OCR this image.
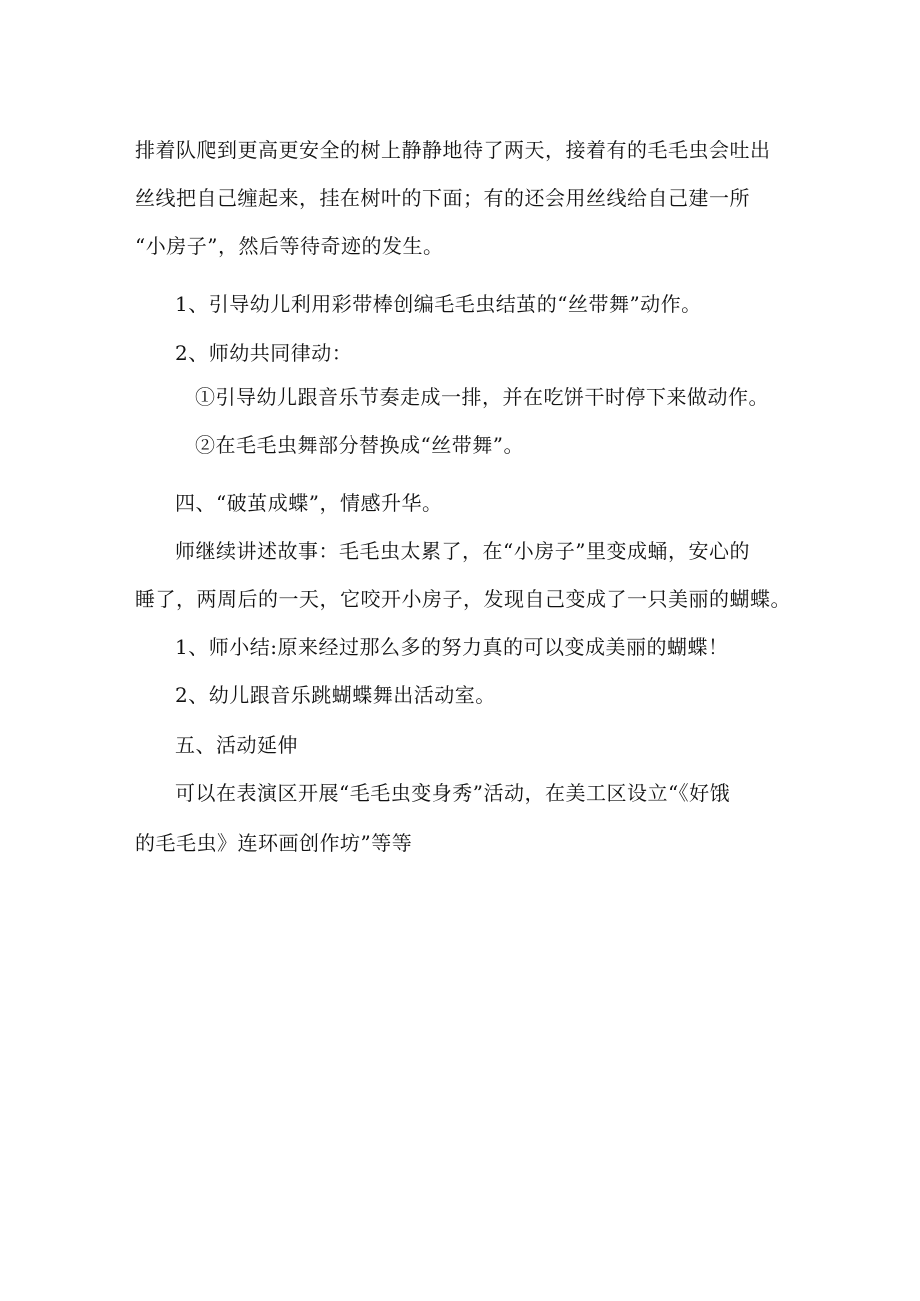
排着队爬到更高更安全的树上静静地待了两天，接着有的毛毛虫会吐出
丝线把自己缠起来，挂在树叶的下面；有的还会用丝线给自己建一所
“小房子”，然后等待奇迹的发生。
1、引导幼儿利用彩带棒创编毛毛虫结茧的“丝带舞”动作。
2、师幼共同律动：
①引导幼儿跟音乐节奏走成一排，并在吃饼干时停下来做动作。
②在毛毛虫舞部分替换成“丝带舞”。
四、“破茧成蝶”，情感升华。
师继续讲述故事：毛毛虫太累了，在“小房子”里变成蛹，安心的
睡了，两周后的一天，它咬开小房子，发现自己变成了一只美丽的蝴蝶。
1、师小结:原来经过那么多的努力真的可以变成美丽的蝴蝶！
2、幼儿跟音乐跳蝴蝶舞出活动室。
五、活动延伸
可以在表演区开展“毛毛虫变身秀”活动，在美工区设立“《好饿
的毛毛虫》连环画创作坊”等等
